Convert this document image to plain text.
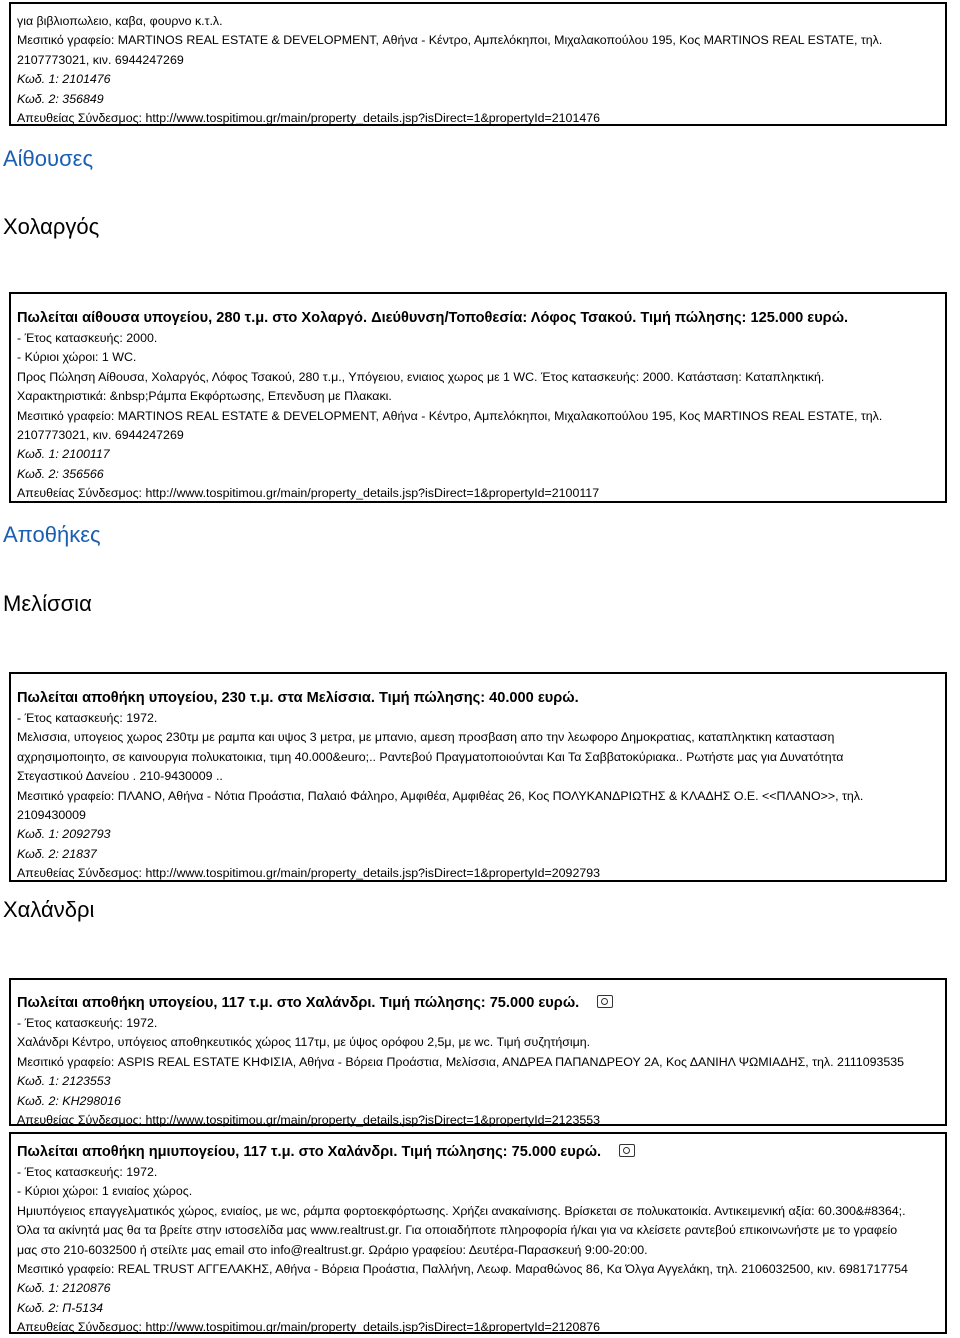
για βιβλιοπωλειο, καβα, φουρνο κ.τ.λ.
Μεσιτικό γραφείο: MARTINOS REAL ESTATE & DEVELOPMENT, Αθήνα - Κέντρο, Αμπελόκηποι, Μιχαλακοπούλου 195, Κος MARTINOS REAL ESTATE, τηλ.
2107773021, κιν. 6944247269
Κωδ. 1: 2101476
Κωδ. 2: 356849
Απευθείας Σύνδεσμος: http://www.tospitimou.gr/main/property_details.jsp?isDirect=1&propertyId=2101476
Αίθουσες
Χολαργός
Πωλείται αίθουσα υπογείου, 280 τ.μ. στο Χολαργό. Διεύθυνση/Τοποθεσία: Λόφος Τσακού. Τιμή πώλησης: 125.000 ευρώ.
- Έτος κατασκευής: 2000.
- Κύριοι χώροι: 1 WC.
Προς Πώληση Αίθουσα, Χολαργός, Λόφος Τσακού, 280 τ.μ., Υπόγειου, ενιαιος χωρος με 1 WC. Έτος κατασκευής: 2000. Κατάσταση: Καταπληκτική.
Χαρακτηριστικά: &nbsp;Ράμπα Εκφόρτωσης, Επενδυση με Πλακακι.
Μεσιτικό γραφείο: MARTINOS REAL ESTATE & DEVELOPMENT, Αθήνα - Κέντρο, Αμπελόκηποι, Μιχαλακοπούλου 195, Κος MARTINOS REAL ESTATE, τηλ.
2107773021, κιν. 6944247269
Κωδ. 1: 2100117
Κωδ. 2: 356566
Απευθείας Σύνδεσμος: http://www.tospitimou.gr/main/property_details.jsp?isDirect=1&propertyId=2100117
Αποθήκες
Μελίσσια
Πωλείται αποθήκη υπογείου, 230 τ.μ. στα Μελίσσια. Τιμή πώλησης: 40.000 ευρώ.
- Έτος κατασκευής: 1972.
Μελισσια, υπογειος χωρος 230τμ με ραμπα και υψος 3 μετρα, με μπανιο, αμεση προσβαση απο την λεωφορο Δημοκρατιας, καταπληκτικη κατασταση
αχρησιμοποιητο, σε καινουργια πολυκατοικια, τιμη 40.000&euro;.. Ραντεβού Πραγματοποιούνται Και Τα Σαββατοκύριακα.. Ρωτήστε μας για Δυνατότητα
Στεγαστικού Δανείου . 210-9430009 ..
Μεσιτικό γραφείο: ΠΛΑΝΟ, Αθήνα - Νότια Προάστια, Παλαιό Φάληρο, Αμφιθέα, Αμφιθέας 26, Κος ΠΟΛΥΚΑΝΔΡΙΩΤΗΣ & ΚΛΑΔΗΣ Ο.Ε. <<ΠΛΑΝΟ>>, τηλ.
2109430009
Κωδ. 1: 2092793
Κωδ. 2: 21837
Απευθείας Σύνδεσμος: http://www.tospitimou.gr/main/property_details.jsp?isDirect=1&propertyId=2092793
Χαλάνδρι
Πωλείται αποθήκη υπογείου, 117 τ.μ. στο Χαλάνδρι. Τιμή πώλησης: 75.000 ευρώ.
- Έτος κατασκευής: 1972.
Χαλάνδρι Κέντρο, υπόγειος αποθηκευτικός χώρος 117τμ, με ύψος ορόφου 2,5μ, με wc. Τιμή συζητήσιμη.
Μεσιτικό γραφείο: ASPIS REAL ESTATE ΚΗΦΙΣΙΑ, Αθήνα - Βόρεια Προάστια, Μελίσσια, ΑΝΔΡΕΑ ΠΑΠΑΝΔΡΕΟΥ 2Α, Κος ΔΑΝΙΗΛ ΨΩΜΙΑΔΗΣ, τηλ. 2111093535
Κωδ. 1: 2123553
Κωδ. 2: ΚΗ298016
Απευθείας Σύνδεσμος: http://www.tospitimou.gr/main/property_details.jsp?isDirect=1&propertyId=2123553
Πωλείται αποθήκη ημιυπογείου, 117 τ.μ. στο Χαλάνδρι. Τιμή πώλησης: 75.000 ευρώ.
- Έτος κατασκευής: 1972.
- Κύριοι χώροι: 1 ενιαίος χώρος.
Ημιυπόγειος επαγγελματικός χώρος, ενιαίος, με wc, ράμπα φορτοεκφόρτωσης. Χρήζει ανακαίνισης. Βρίσκεται σε πολυκατοικία. Αντικειμενική αξία: 60.300&#8364;.
Όλα τα ακίνητά μας θα τα βρείτε στην ιστοσελίδα μας www.realtrust.gr. Για οποιαδήποτε πληροφορία ή/και για να κλείσετε ραντεβού επικοινωνήστε με το γραφείο
μας στο 210-6032500 ή στείλτε μας email στο info@realtrust.gr. Ωράριο γραφείου: Δευτέρα-Παρασκευή 9:00-20:00.
Μεσιτικό γραφείο: REAL TRUST ΑΓΓΕΛΑΚΗΣ, Αθήνα - Βόρεια Προάστια, Παλλήνη, Λεωφ. Μαραθώνος 86, Κα Όλγα Αγγελάκη, τηλ. 2106032500, κιν. 6981717754
Κωδ. 1: 2120876
Κωδ. 2: Π-5134
Απευθείας Σύνδεσμος: http://www.tospitimou.gr/main/property_details.jsp?isDirect=1&propertyId=2120876
